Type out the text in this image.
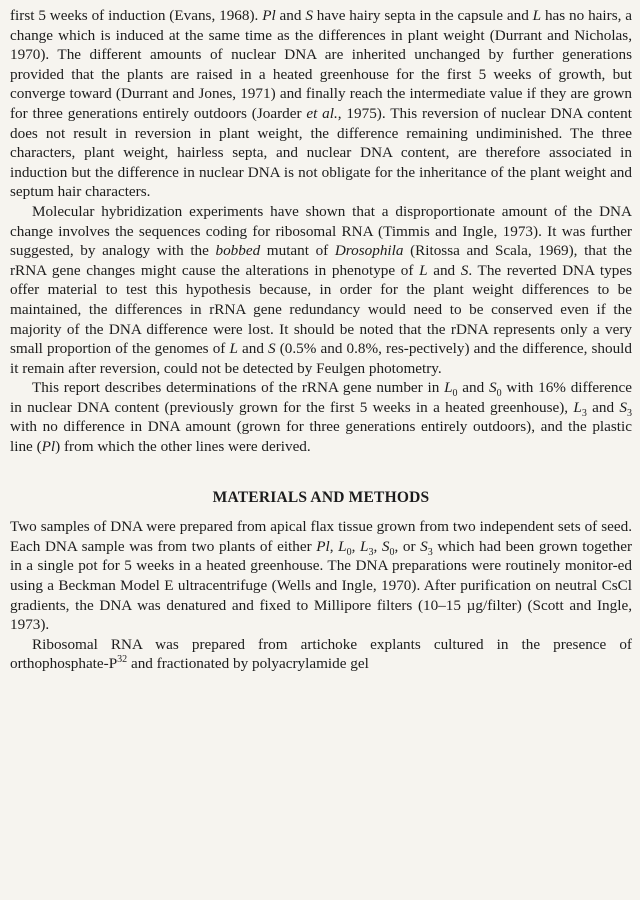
first 5 weeks of induction (Evans, 1968). Pl and S have hairy septa in the capsule and L has no hairs, a change which is induced at the same time as the differences in plant weight (Durrant and Nicholas, 1970). The different amounts of nuclear DNA are inherited unchanged by further generations provided that the plants are raised in a heated greenhouse for the first 5 weeks of growth, but converge toward (Durrant and Jones, 1971) and finally reach the intermediate value if they are grown for three generations entirely outdoors (Joarder et al., 1975). This reversion of nuclear DNA content does not result in reversion in plant weight, the difference remaining undiminished. The three characters, plant weight, hairless septa, and nuclear DNA content, are therefore associated in induction but the difference in nuclear DNA is not obligate for the inheritance of the plant weight and septum hair characters.

Molecular hybridization experiments have shown that a disproportionate amount of the DNA change involves the sequences coding for ribosomal RNA (Timmis and Ingle, 1973). It was further suggested, by analogy with the bobbed mutant of Drosophila (Ritossa and Scala, 1969), that the rRNA gene changes might cause the alterations in phenotype of L and S. The reverted DNA types offer material to test this hypothesis because, in order for the plant weight differences to be maintained, the differences in rRNA gene redundancy would need to be conserved even if the majority of the DNA difference were lost. It should be noted that the rDNA represents only a very small proportion of the genomes of L and S (0.5% and 0.8%, res-pectively) and the difference, should it remain after reversion, could not be detected by Feulgen photometry.

This report describes determinations of the rRNA gene number in $L_0$ and $S_0$ with 16% difference in nuclear DNA content (previously grown for the first 5 weeks in a heated greenhouse), $L_3$ and $S_3$ with no difference in DNA amount (grown for three generations entirely outdoors), and the plastic line (Pl) from which the other lines were derived.

MATERIALS AND METHODS

Two samples of DNA were prepared from apical flax tissue grown from two independent sets of seed. Each DNA sample was from two plants of either Pl, $L_0$, $L_3$, $S_0$, or $S_3$ which had been grown together in a single pot for 5 weeks in a heated greenhouse. The DNA preparations were routinely monitor-ed using a Beckman Model E ultracentrifuge (Wells and Ingle, 1970). After purification on neutral CsCl gradients, the DNA was denatured and fixed to Millipore filters (10–15 µg/filter) (Scott and Ingle, 1973).

Ribosomal RNA was prepared from artichoke explants cultured in the presence of orthophosphate-$P^{32}$ and fractionated by polyacrylamide gel
